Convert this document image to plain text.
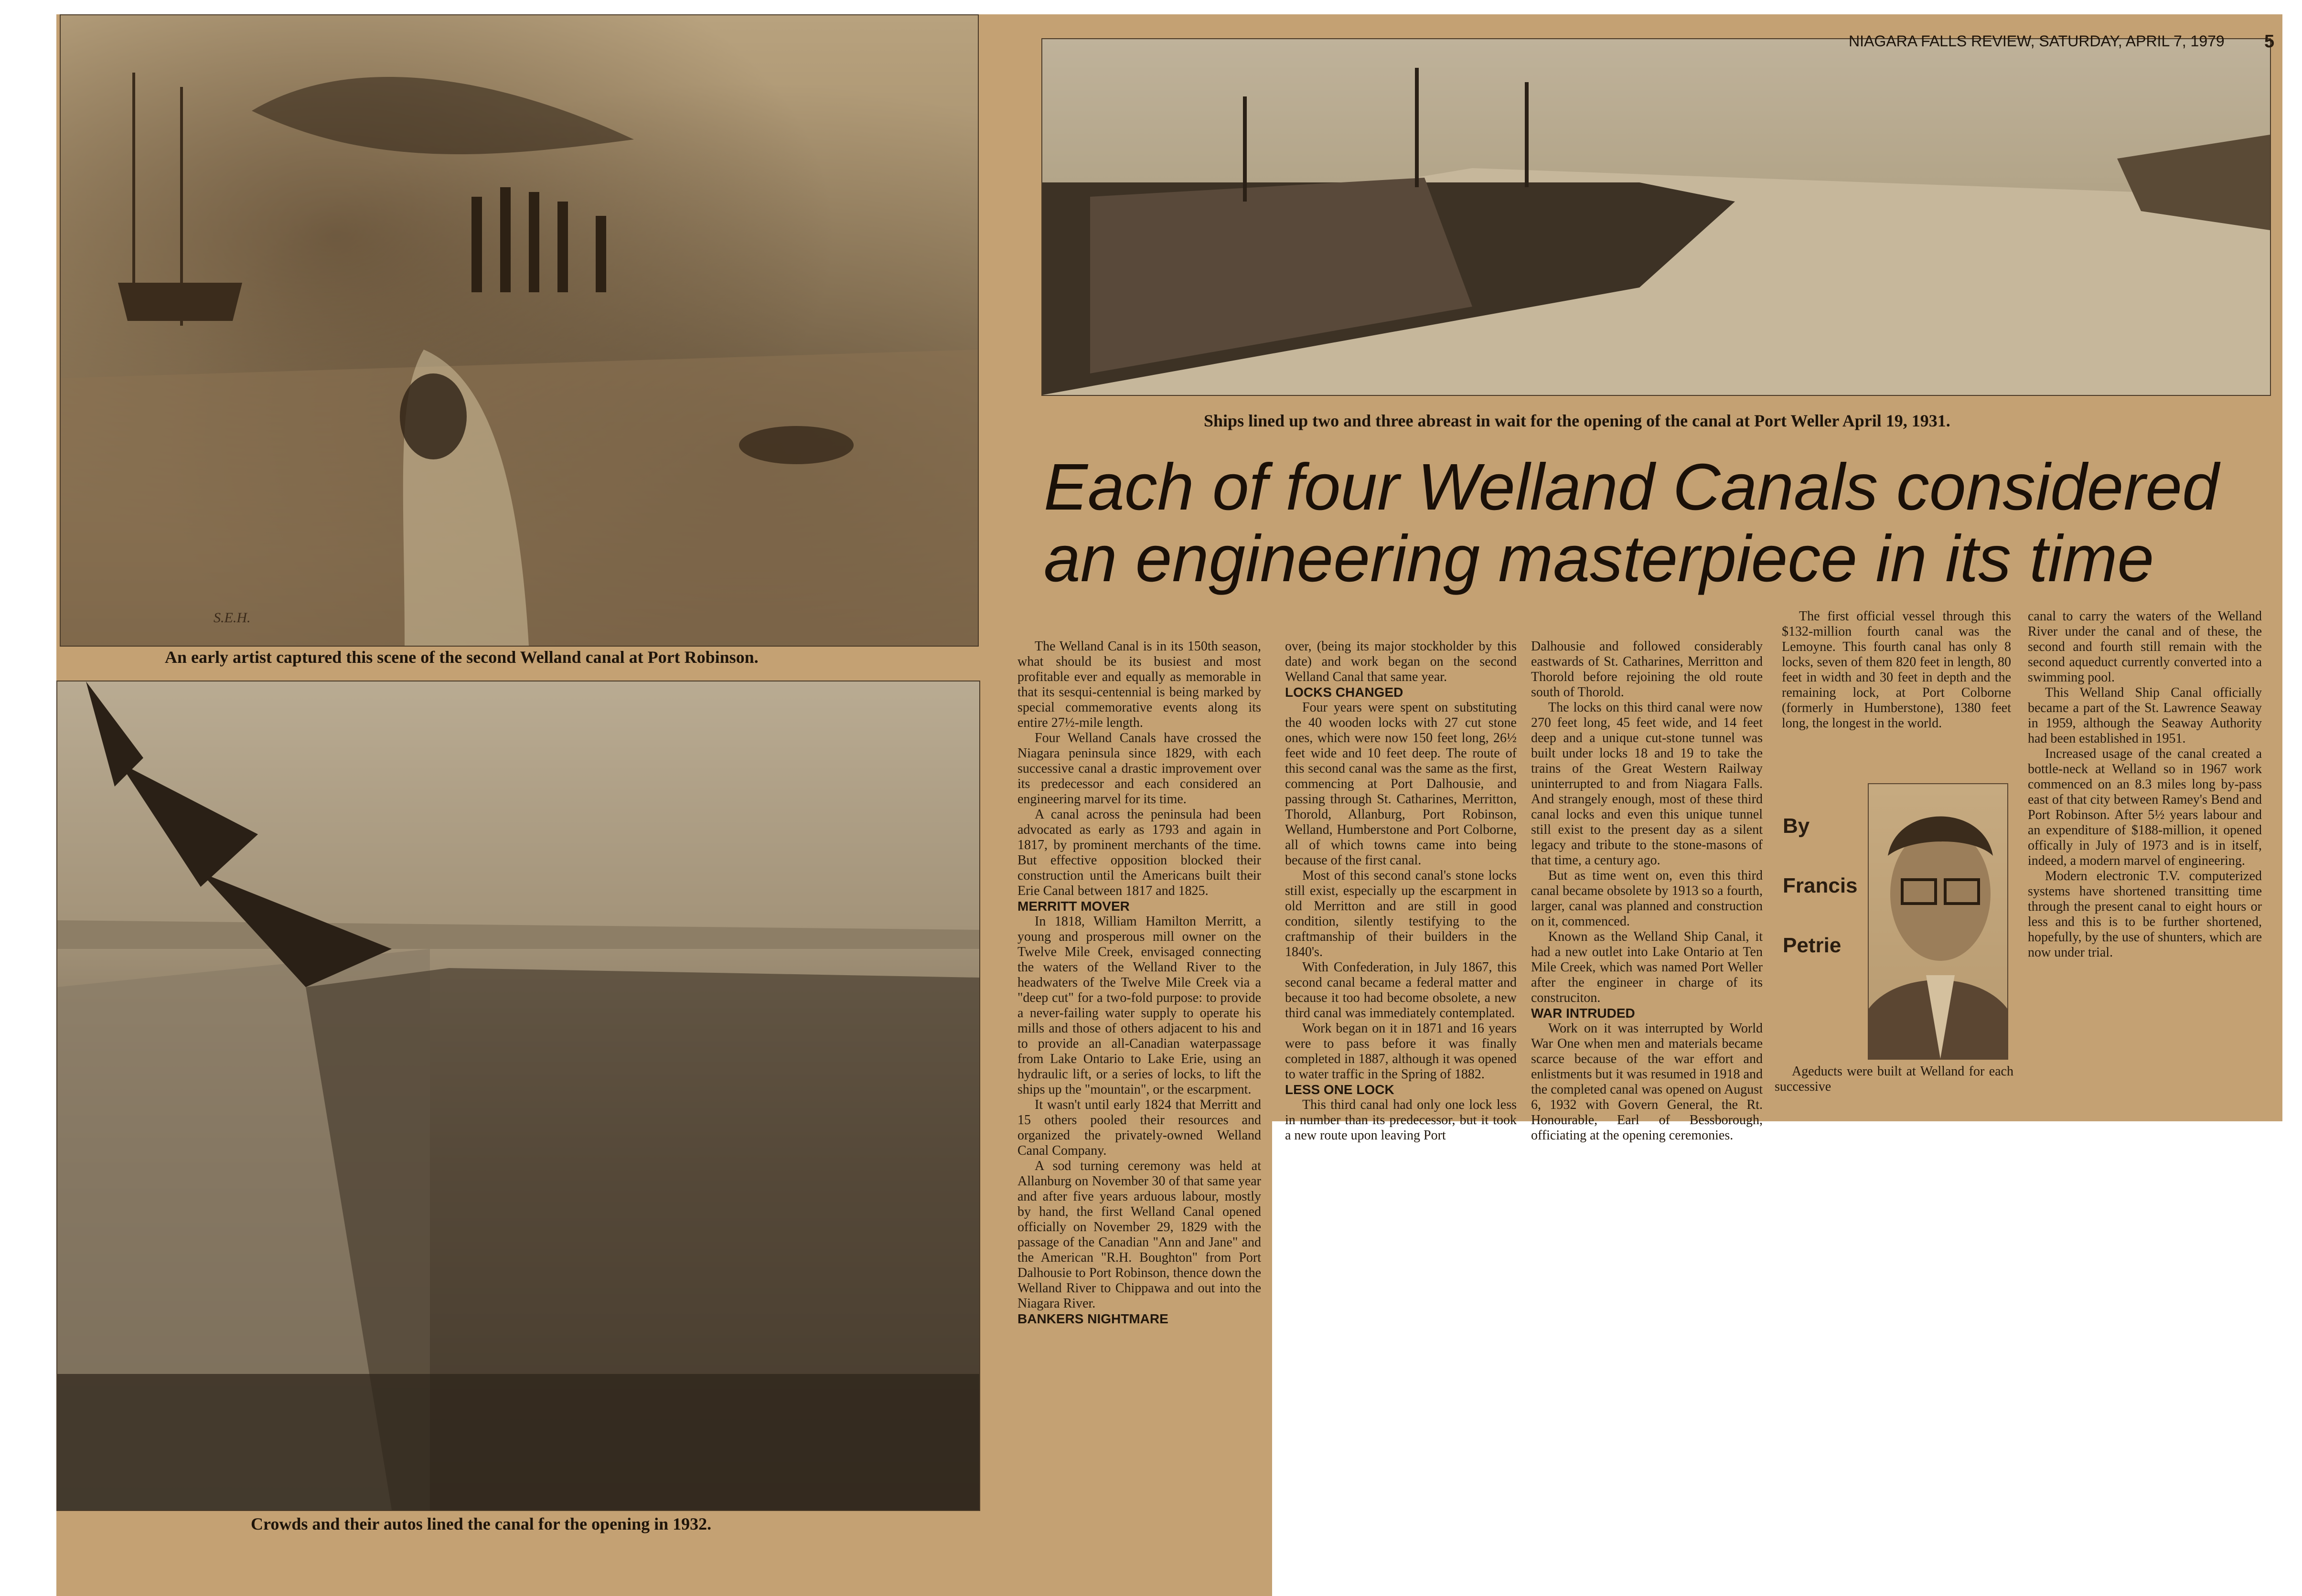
S.E.H.
An early artist captured this scene of the second Welland canal at Port Robinson.
Crowds and their autos lined the canal for the opening in 1932.
Ships lined up two and three abreast in wait for the opening of the canal at Port Weller April 19, 1931.
NIAGARA FALLS REVIEW, SATURDAY, APRIL 7, 1979 5
Each of four Welland Canals considered
an engineering masterpiece in its time

The Welland Canal is in its 150th season, what should be its busiest and most profitable ever and equally as memorable in that its sesqui-centennial is being marked by special commemorative events along its entire 27½-mile length.

Four Welland Canals have crossed the Niagara peninsula since 1829, with each successive canal a drastic improvement over its predecessor and each considered an engineering marvel for its time.

A canal across the peninsula had been advocated as early as 1793 and again in 1817, by prominent merchants of the time. But effective opposition blocked their construction until the Americans built their Erie Canal between 1817 and 1825.

MERRITT MOVER

In 1818, William Hamilton Merritt, a young and prosperous mill owner on the Twelve Mile Creek, envisaged connecting the waters of the Welland River to the headwaters of the Twelve Mile Creek via a "deep cut" for a two-fold purpose: to provide a never-failing water supply to operate his mills and those of others adjacent to his and to provide an all-Canadian waterpassage from Lake Ontario to Lake Erie, using an hydraulic lift, or a series of locks, to lift the ships up the "mountain", or the escarpment.

It wasn't until early 1824 that Merritt and 15 others pooled their resources and organized the privately-owned Welland Canal Company.

A sod turning ceremony was held at Allanburg on November 30 of that same year and after five years arduous labour, mostly by hand, the first Welland Canal opened officially on November 29, 1829 with the passage of the Canadian "Ann and Jane" and the American "R.H. Boughton" from Port Dalhousie to Port Robinson, thence down the Welland River to Chippawa and out into the Niagara River.

BANKERS NIGHTMARE

over, (being its major stockholder by this date) and work began on the second Welland Canal that same year.

LOCKS CHANGED

Four years were spent on substituting the 40 wooden locks with 27 cut stone ones, which were now 150 feet long, 26½ feet wide and 10 feet deep. The route of this second canal was the same as the first, commencing at Port Dalhousie, and passing through St. Catharines, Merritton, Thorold, Allanburg, Port Robinson, Welland, Humberstone and Port Colborne, all of which towns came into being because of the first canal.

Most of this second canal's stone locks still exist, especially up the escarpment in old Merritton and are still in good condition, silently testifying to the craftmanship of their builders in the 1840's.

With Confederation, in July 1867, this second canal became a federal matter and because it too had become obsolete, a new third canal was immediately contemplated.

Work began on it in 1871 and 16 years were to pass before it was finally completed in 1887, although it was opened to water traffic in the Spring of 1882.

LESS ONE LOCK

This third canal had only one lock less in number than its predecessor, but it took a new route upon leaving Port

Dalhousie and followed considerably eastwards of St. Catharines, Merritton and Thorold before rejoining the old route south of Thorold.

The locks on this third canal were now 270 feet long, 45 feet wide, and 14 feet deep and a unique cut-stone tunnel was built under locks 18 and 19 to take the trains of the Great Western Railway uninterrupted to and from Niagara Falls. And strangely enough, most of these third canal locks and even this unique tunnel still exist to the present day as a silent legacy and tribute to the stone-masons of that time, a century ago.

But as time went on, even this third canal became obsolete by 1913 so a fourth, larger, canal was planned and construction on it, commenced.

Known as the Welland Ship Canal, it had a new outlet into Lake Ontario at Ten Mile Creek, which was named Port Weller after the engineer in charge of its construciton.

WAR INTRUDED

Work on it was interrupted by World War One when men and materials became scarce because of the war effort and enlistments but it was resumed in 1918 and the completed canal was opened on August 6, 1932 with Govern General, the Rt. Honourable, Earl of Bessborough, officiating at the opening ceremonies.

The first official vessel through this $132-million fourth canal was the Lemoyne. This fourth canal has only 8 locks, seven of them 820 feet in length, 80 feet in width and 30 feet in depth and the remaining lock, at Port Colborne (formerly in Humberstone), 1380 feet long, the longest in the world.

By
Francis
Petrie

Ageducts were built at Welland for each successive

canal to carry the waters of the Welland River under the canal and of these, the second and fourth still remain with the second aqueduct currently converted into a swimming pool.

This Welland Ship Canal officially became a part of the St. Lawrence Seaway in 1959, although the Seaway Authority had been established in 1951.

Increased usage of the canal created a bottle-neck at Welland so in 1967 work commenced on an 8.3 miles long by-pass east of that city between Ramey's Bend and Port Robinson. After 5½ years labour and an expenditure of $188-million, it opened offically in July of 1973 and is in itself, indeed, a modern marvel of engineering.

Modern electronic T.V. computerized systems have shortened transitting time through the present canal to eight hours or less and this is to be further shortened, hopefully, by the use of shunters, which are now under trial.
